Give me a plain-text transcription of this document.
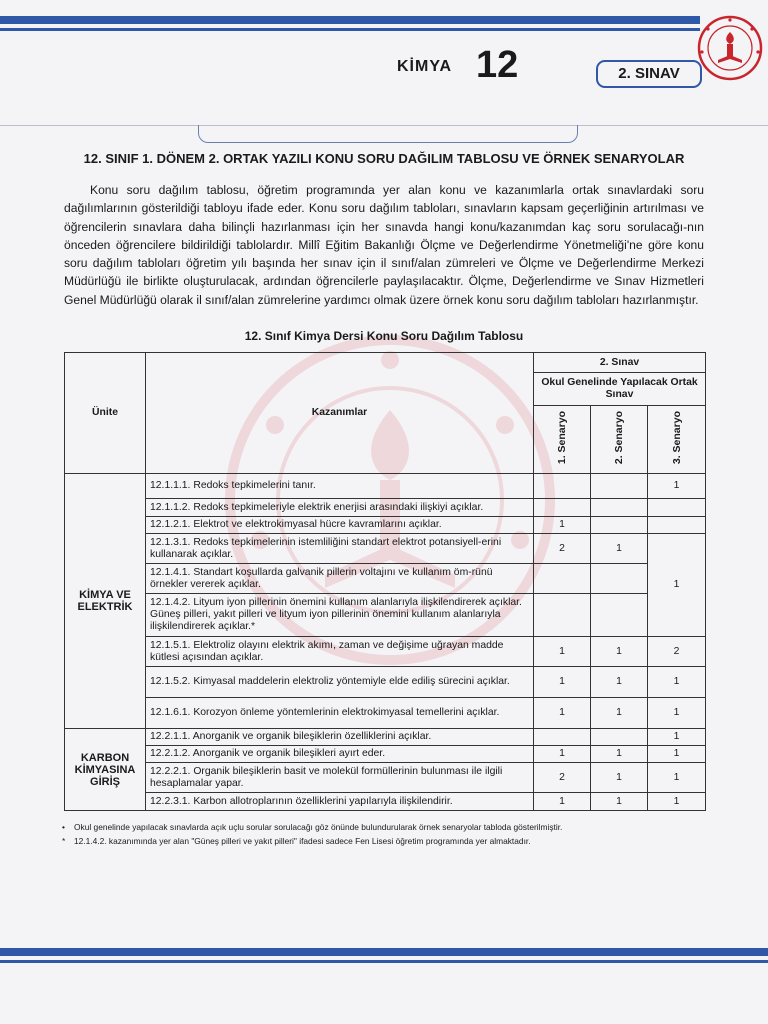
KİMYA 12	2. SINAV
12. SINIF 1. DÖNEM 2. ORTAK YAZILI KONU SORU DAĞILIM TABLOSU VE ÖRNEK SENARYOLAR

Konu soru dağılım tablosu, öğretim programında yer alan konu ve kazanımlarla ortak sınavlardaki soru dağılımlarının gösterildiği tabloyu ifade eder. Konu soru dağılım tabloları, sınavların kapsam geçerliğinin artırılması ve öğrencilerin sınavlara daha bilinçli hazırlanması için her sınavda hangi konu/kazanımdan kaç soru sorulacağı-nın önceden öğrencilere bildirildiği tablolardır. Millî Eğitim Bakanlığı Ölçme ve Değerlendirme Yönetmeliği'ne göre konu soru dağılım tabloları öğretim yılı başında her sınav için il sınıf/alan zümreleri ve Ölçme ve Değerlendirme Merkezi Müdürlüğü ile birlikte oluşturulacak, ardından öğrencilerle paylaşılacaktır. Ölçme, Değerlendirme ve Sınav Hizmetleri Genel Müdürlüğü olarak il sınıf/alan zümrelerine yardımcı olmak üzere örnek konu soru dağılım tabloları hazırlanmıştır.

12. Sınıf Kimya Dersi Konu Soru Dağılım Tablosu
Ünite	Kazanımlar	2. Sınav		
		Okul Genelinde Yapılacak Ortak Sınav		
		1. Senaryo	2. Senaryo	3. Senaryo
KİMYA VE ELEKTRİK	12.1.1.1. Redoks tepkimelerini tanır.			1
	12.1.1.2. Redoks tepkimeleriyle elektrik enerjisi arasındaki ilişkiyi açıklar.			
	12.1.2.1. Elektrot ve elektrokimyasal hücre kavramlarını açıklar.	1		
	12.1.3.1. Redoks tepkimelerinin istemliliğini standart elektrot potansiyell-erini kullanarak açıklar.	2	1	1
	12.1.4.1. Standart koşullarda galvanik pillerin voltajını ve kullanım öm-rünü örnekler vererek açıklar.			
	12.1.4.2. Lityum iyon pillerinin önemini kullanım alanlarıyla ilişkilendirerek açıklar. Güneş pilleri, yakıt pilleri ve lityum iyon pillerinin önemini kullanım alanlarıyla ilişkilendirerek açıklar.*			
	12.1.5.1. Elektroliz olayını elektrik akımı, zaman ve değişime uğrayan madde kütlesi açısından açıklar.	1	1	2
	12.1.5.2. Kimyasal maddelerin elektroliz yöntemiyle elde ediliş sürecini açıklar.	1	1	1
	12.1.6.1. Korozyon önleme yöntemlerinin elektrokimyasal temellerini açıklar.	1	1	1
KARBON KİMYASINA GİRİŞ	12.2.1.1. Anorganik ve organik bileşiklerin özelliklerini açıklar.			1
	12.2.1.2. Anorganik ve organik bileşikleri ayırt eder.	1	1	1
	12.2.2.1. Organik bileşiklerin basit ve molekül formüllerinin bulunması ile ilgili hesaplamalar yapar.	2	1	1
	12.2.3.1. Karbon allotroplarının özelliklerini yapılarıyla ilişkilendirir.	1	1	1
• Okul genelinde yapılacak sınavlarda açık uçlu sorular sorulacağı göz önünde bulundurularak örnek senaryolar tabloda gösterilmiştir.
* 12.1.4.2. kazanımında yer alan "Güneş pilleri ve yakıt pilleri" ifadesi sadece Fen Lisesi öğretim programında yer almaktadır.
